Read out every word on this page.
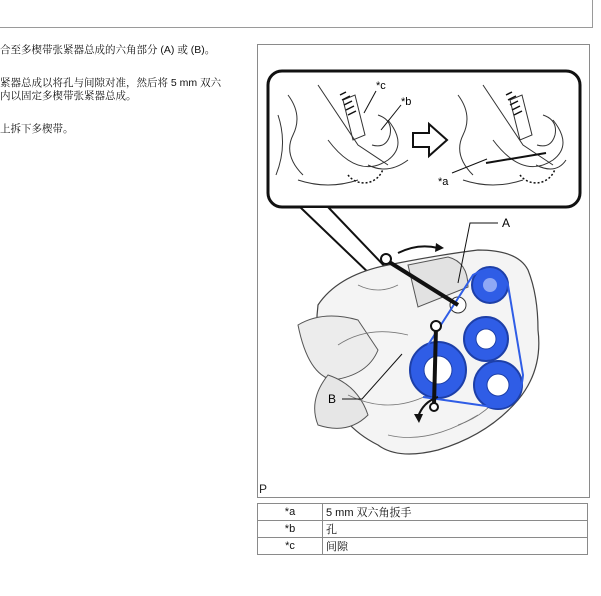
合至多楔带张紧器总成的六角部分 (A) 或 (B)。

紧器总成以将孔与间隙对准，然后将 5 mm 双六
内以固定多楔带张紧器总成。

上拆下多楔带。

*c
*b
*a
A
B
P
*a	5 mm 双六角扳手
*b	孔
*c	间隙
